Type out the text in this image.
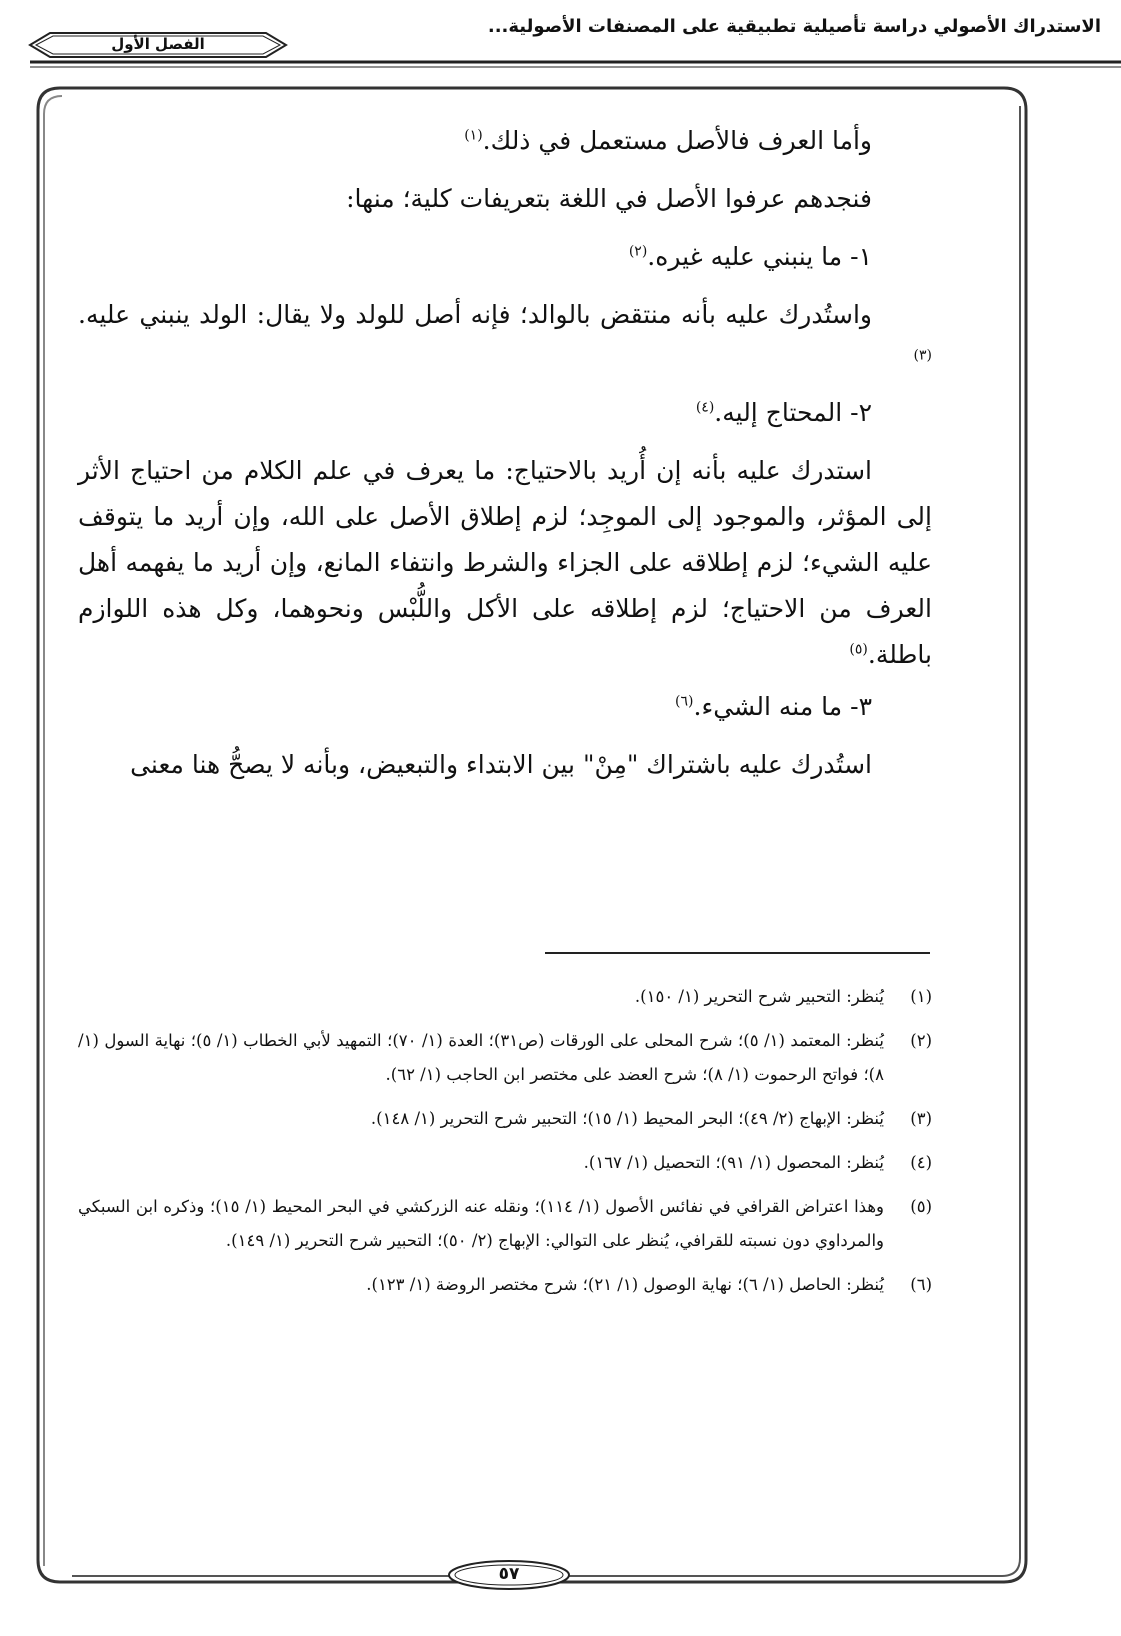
الاستدراك الأصولي دراسة تأصيلية تطبيقية على المصنفات الأصولية...
الفصل الأول

وأما العرف فالأصل مستعمل في ذلك.$^{(١)}$

فنجدهم عرفوا الأصل في اللغة بتعريفات كلية؛ منها:

١- ما ينبني عليه غيره.$^{(٢)}$

واستُدرك عليه بأنه منتقض بالوالد؛ فإنه أصل للولد ولا يقال: الولد ينبني عليه.$^{(٣)}$

٢- المحتاج إليه.$^{(٤)}$

استدرك عليه بأنه إن أُريد بالاحتياج: ما يعرف في علم الكلام من احتياج الأثر إلى المؤثر، والموجود إلى الموجِد؛ لزم إطلاق الأصل على الله، وإن أريد ما يتوقف عليه الشيء؛ لزم إطلاقه على الجزاء والشرط وانتفاء المانع، وإن أريد ما يفهمه أهل العرف من الاحتياج؛ لزم إطلاقه على الأكل واللُّبْس ونحوهما، وكل هذه اللوازم باطلة.$^{(٥)}$

٣- ما منه الشيء.$^{(٦)}$

استُدرك عليه باشتراك "مِنْ" بين الابتداء والتبعيض، وبأنه لا يصحُّ هنا معنى

(١)
يُنظر: التحبير شرح التحرير (١/ ١٥٠).
(٢)
يُنظر: المعتمد (١/ ٥)؛ شرح المحلى على الورقات (ص٣١)؛ العدة (١/ ٧٠)؛ التمهيد لأبي الخطاب (١/ ٥)؛ نهاية السول (١/ ٨)؛ فواتح الرحموت (١/ ٨)؛ شرح العضد على مختصر ابن الحاجب (١/ ٦٢).
(٣)
يُنظر: الإبهاج (٢/ ٤٩)؛ البحر المحيط (١/ ١٥)؛ التحبير شرح التحرير (١/ ١٤٨).
(٤)
يُنظر: المحصول (١/ ٩١)؛ التحصيل (١/ ١٦٧).
(٥)
وهذا اعتراض القرافي في نفائس الأصول (١/ ١١٤)؛ ونقله عنه الزركشي في البحر المحيط (١/ ١٥)؛ وذكره ابن السبكي والمرداوي دون نسبته للقرافي، يُنظر على التوالي: الإبهاج (٢/ ٥٠)؛ التحبير شرح التحرير (١/ ١٤٩).
(٦)
يُنظر: الحاصل (١/ ٦)؛ نهاية الوصول (١/ ٢١)؛ شرح مختصر الروضة (١/ ١٢٣).
٥٧
